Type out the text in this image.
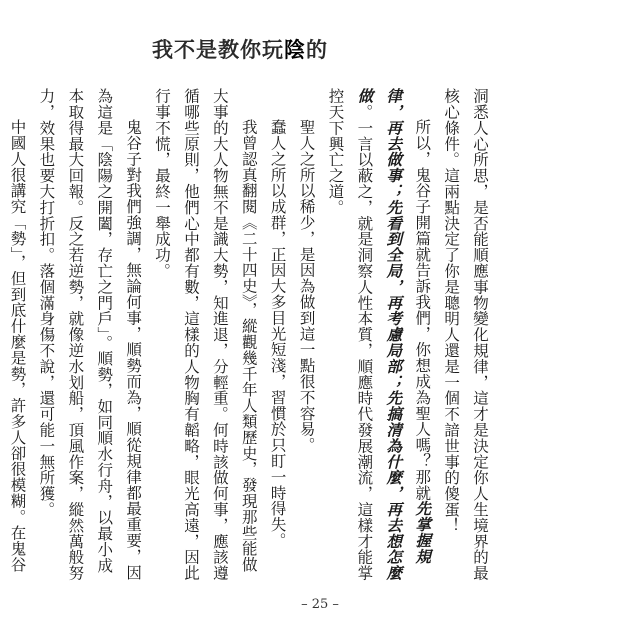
我不是教你玩陰的

洞悉人心所思，是否能順應事物變化規律，這才是決定你人生境界的最核心條件。這兩點決定了你是聰明人還是一個不諳世事的傻蛋！

所以，鬼谷子開篇就告訴我們，你想成為聖人嗎？那就先掌握規律，再去做事；先看到全局，再考慮局部；先搞清為什麼，再去想怎麼做。一言以蔽之，就是洞察人性本質，順應時代發展潮流，這樣才能掌控天下興亡之道。

聖人之所以稀少，是因為做到這一點很不容易。

蠢人之所以成群，正因大多目光短淺，習慣於只盯一時得失。

我曾認真翻閱《二十四史》，縱觀幾千年人類歷史，發現那些能做大事的大人物無不是識大勢，知進退，分輕重。何時該做何事，應該遵循哪些原則，他們心中都有數，這樣的人物胸有韜略，眼光高遠，因此行事不慌，最終一舉成功。

鬼谷子對我們強調，無論何事，順勢而為，順從規律都最重要，因為這是「陰陽之開闔，存亡之門戶」。順勢，如同順水行舟，以最小成本取得最大回報。反之若逆勢，就像逆水划船，頂風作案，縱然萬般努力，效果也要大打折扣。落個滿身傷不說，還可能一無所獲。

中國人很講究「勢」，但到底什麼是勢，許多人卻很模糊。在鬼谷

– 25 –
